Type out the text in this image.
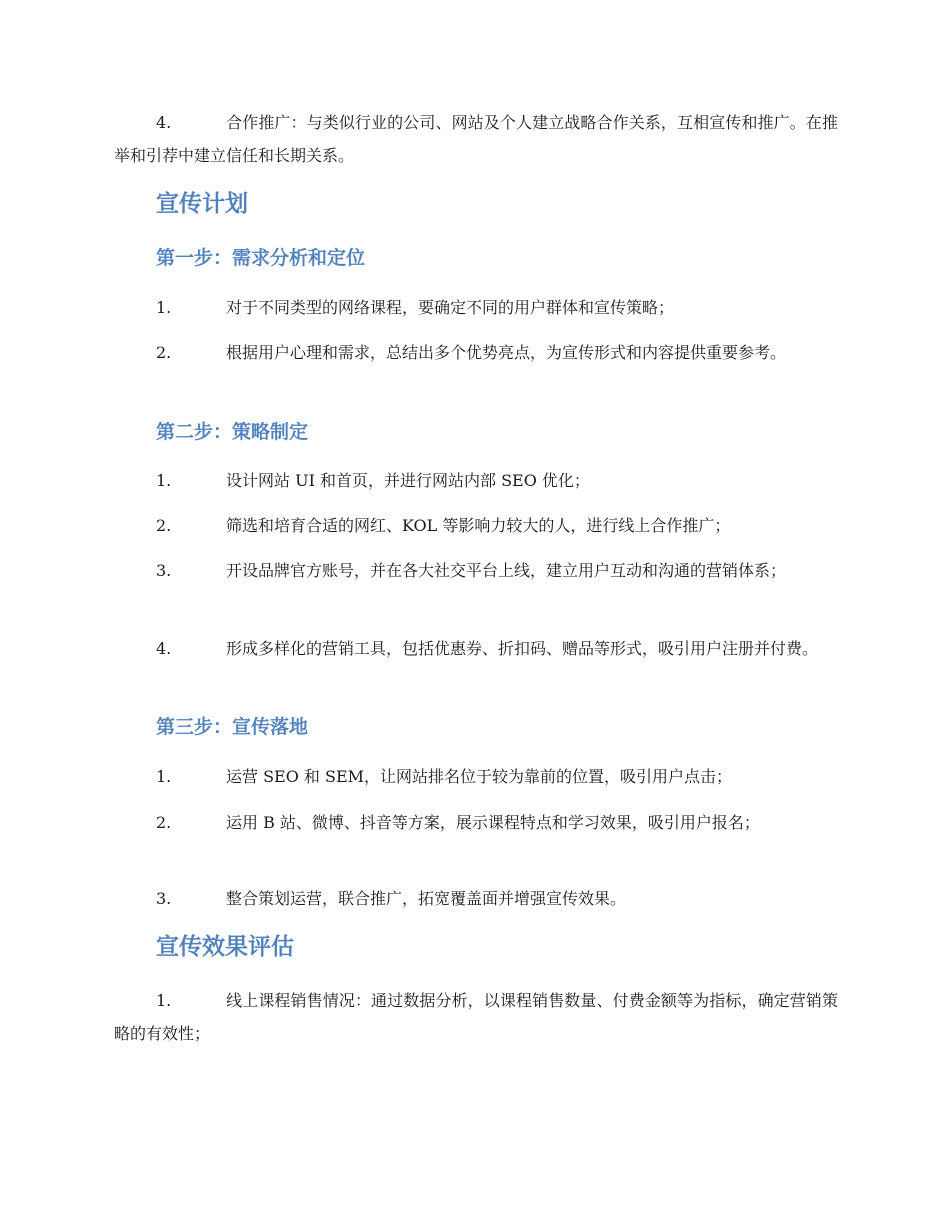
4.	合作推广：与类似行业的公司、网站及个人建立战略合作关系，互相宣传和推广。在推举和引荐中建立信任和长期关系。

宣传计划
第一步：需求分析和定位

1.	对于不同类型的网络课程，要确定不同的用户群体和宣传策略；

2.	根据用户心理和需求，总结出多个优势亮点，为宣传形式和内容提供重要参考。

第二步：策略制定

1.	设计网站 UI 和首页，并进行网站内部 SEO 优化；

2.	筛选和培育合适的网红、KOL 等影响力较大的人，进行线上合作推广；

3.	开设品牌官方账号，并在各大社交平台上线，建立用户互动和沟通的营销体系；

4.	形成多样化的营销工具，包括优惠券、折扣码、赠品等形式，吸引用户注册并付费。

第三步：宣传落地

1.	运营 SEO 和 SEM，让网站排名位于较为靠前的位置，吸引用户点击；

2.	运用 B 站、微博、抖音等方案，展示课程特点和学习效果，吸引用户报名；

3.	整合策划运营，联合推广，拓宽覆盖面并增强宣传效果。

宣传效果评估

1.	线上课程销售情况：通过数据分析，以课程销售数量、付费金额等为指标，确定营销策略的有效性；
